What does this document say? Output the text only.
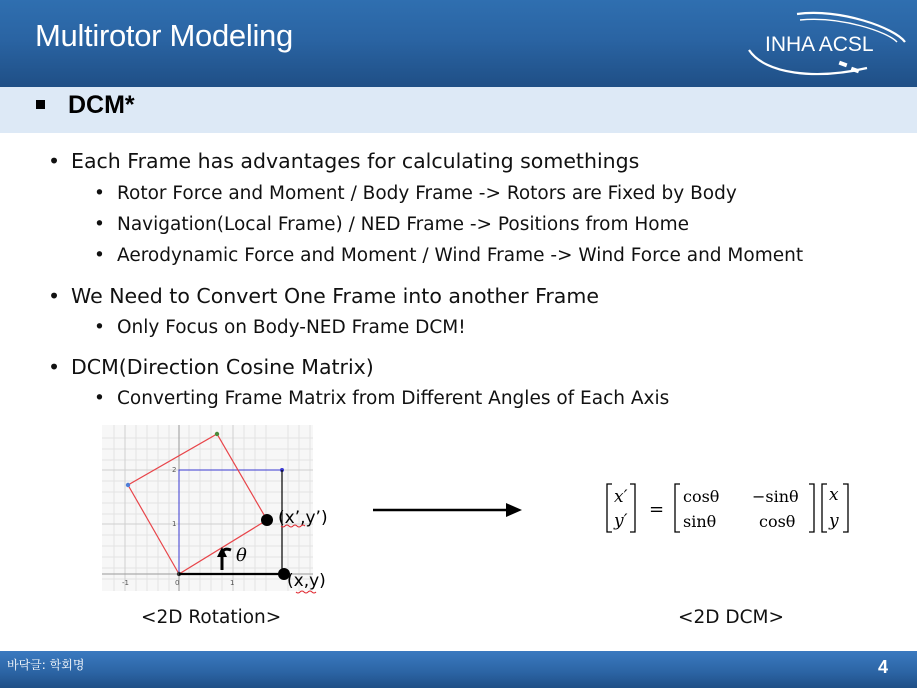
Multirotor Modeling	INHA ACSL
DCM*
• Each Frame has advantages for calculating somethings
• Rotor Force and Moment / Body Frame -> Rotors are Fixed by Body
• Navigation(Local Frame) / NED Frame -> Positions from Home
• Aerodynamic Force and Moment / Wind Frame -> Wind Force and Moment
• We Need to Convert One Frame into another Frame
• Only Focus on Body-NED Frame DCM!
• DCM(Direction Cosine Matrix)
• Converting Frame Matrix from Different Angles of Each Axis
-1	0	1
1
2
θ
(x’,y’)
(x,y)
<2D Rotation>
x′
y′
=
cosθ −sinθ
sinθ	cosθ
x
y
<2D DCM>
바닥글: 학회명	4
